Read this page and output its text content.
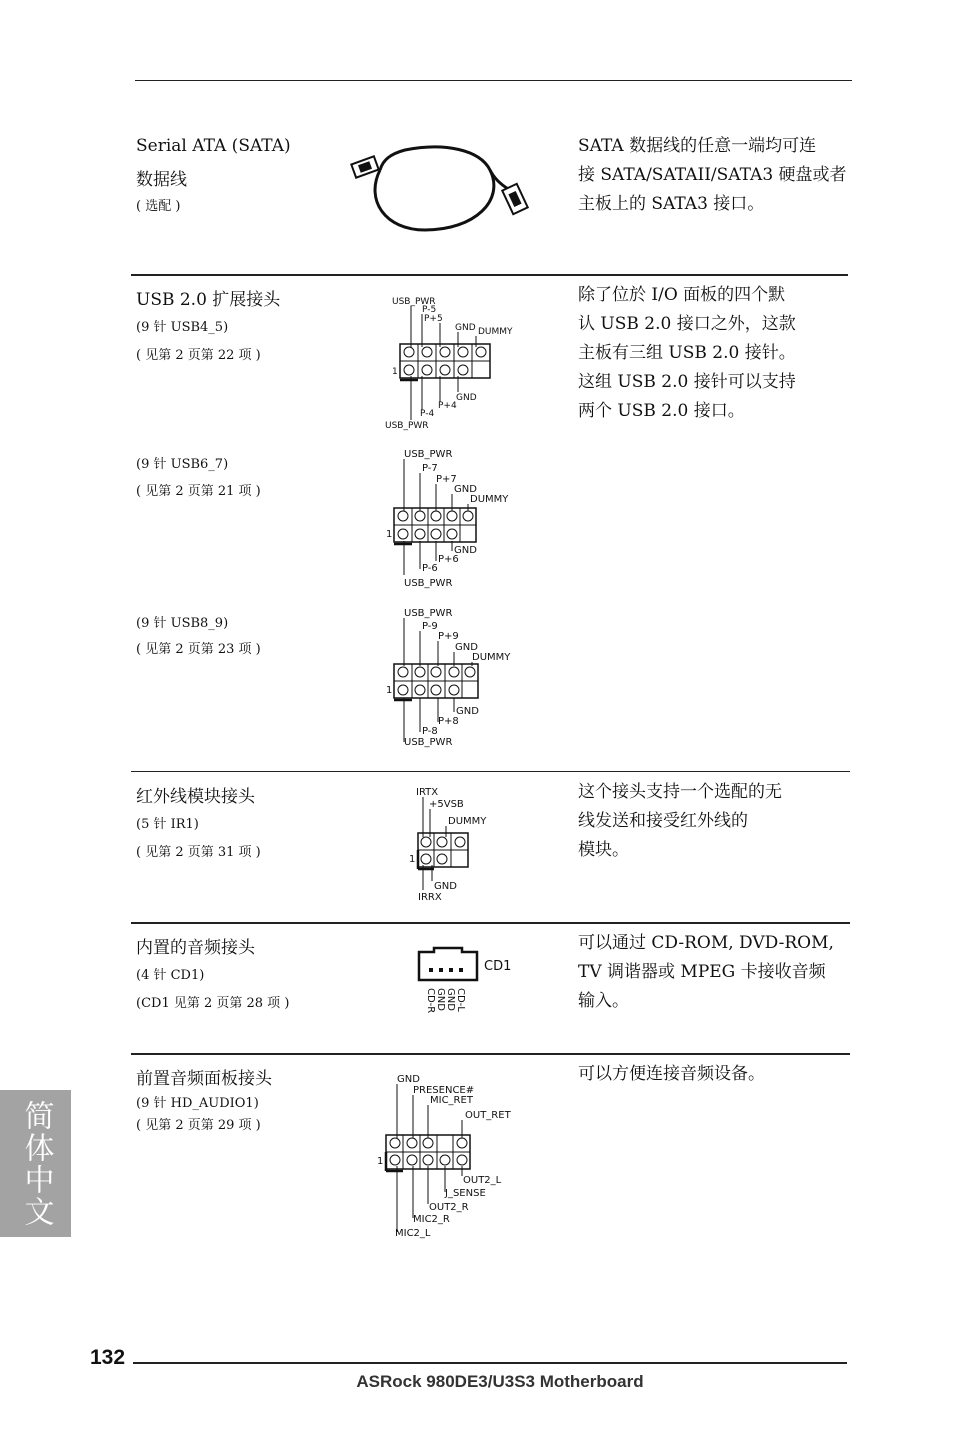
Serial ATA (SATA)
数据线
( 选配 )
SATA 数据线的任意一端均可连
接 SATA/SATAII/SATA3 硬盘或者
主板上的 SATA3 接口。
USB 2.0 扩展接头
(9 针 USB4_5)
( 见第 2 页第 22 项 )
除了位於 I/O 面板的四个默
认 USB 2.0 接口之外，这款
主板有三组 USB 2.0 接针。
这组 USB 2.0 接针可以支持
两个 USB 2.0 接口。
USB_PWR
P-5
P+5
GND DUMMY
1
GND
P+4
P-4
USB_PWR
(9 针 USB6_7)
( 见第 2 页第 21 项 )
USB_PWR
P-7
P+7
GND
DUMMY
1
GND
P+6
P-6
USB_PWR
(9 针 USB8_9)
( 见第 2 页第 23 项 )
USB_PWR
P-9
P+9
GND
DUMMY
1
GND
P+8
P-8
USB_PWR
红外线模块接头
(5 针 IR1)
( 见第 2 页第 31 项 )
IRTX
+5VSB
DUMMY
1
GND
IRRX
这个接头支持一个选配的无
线发送和接受红外线的
模块。
内置的音频接头
(4 针 CD1)
(CD1 见第 2 页第 28 项 )
CD1
CD-R GND GND CD-L
可以通过 CD-ROM, DVD-ROM,
TV 调谐器或 MPEG 卡接收音频
输入。
前置音频面板接头
(9 针 HD_AUDIO1)
( 见第 2 页第 29 项 )
GND
PRESENCE#
MIC_RET
OUT_RET
1
OUT2_L
J_SENSE
OUT2_R
MIC2_R
MIC2_L
可以方便连接音频设备。
简体中文
132
ASRock 980DE3/U3S3 Motherboard
